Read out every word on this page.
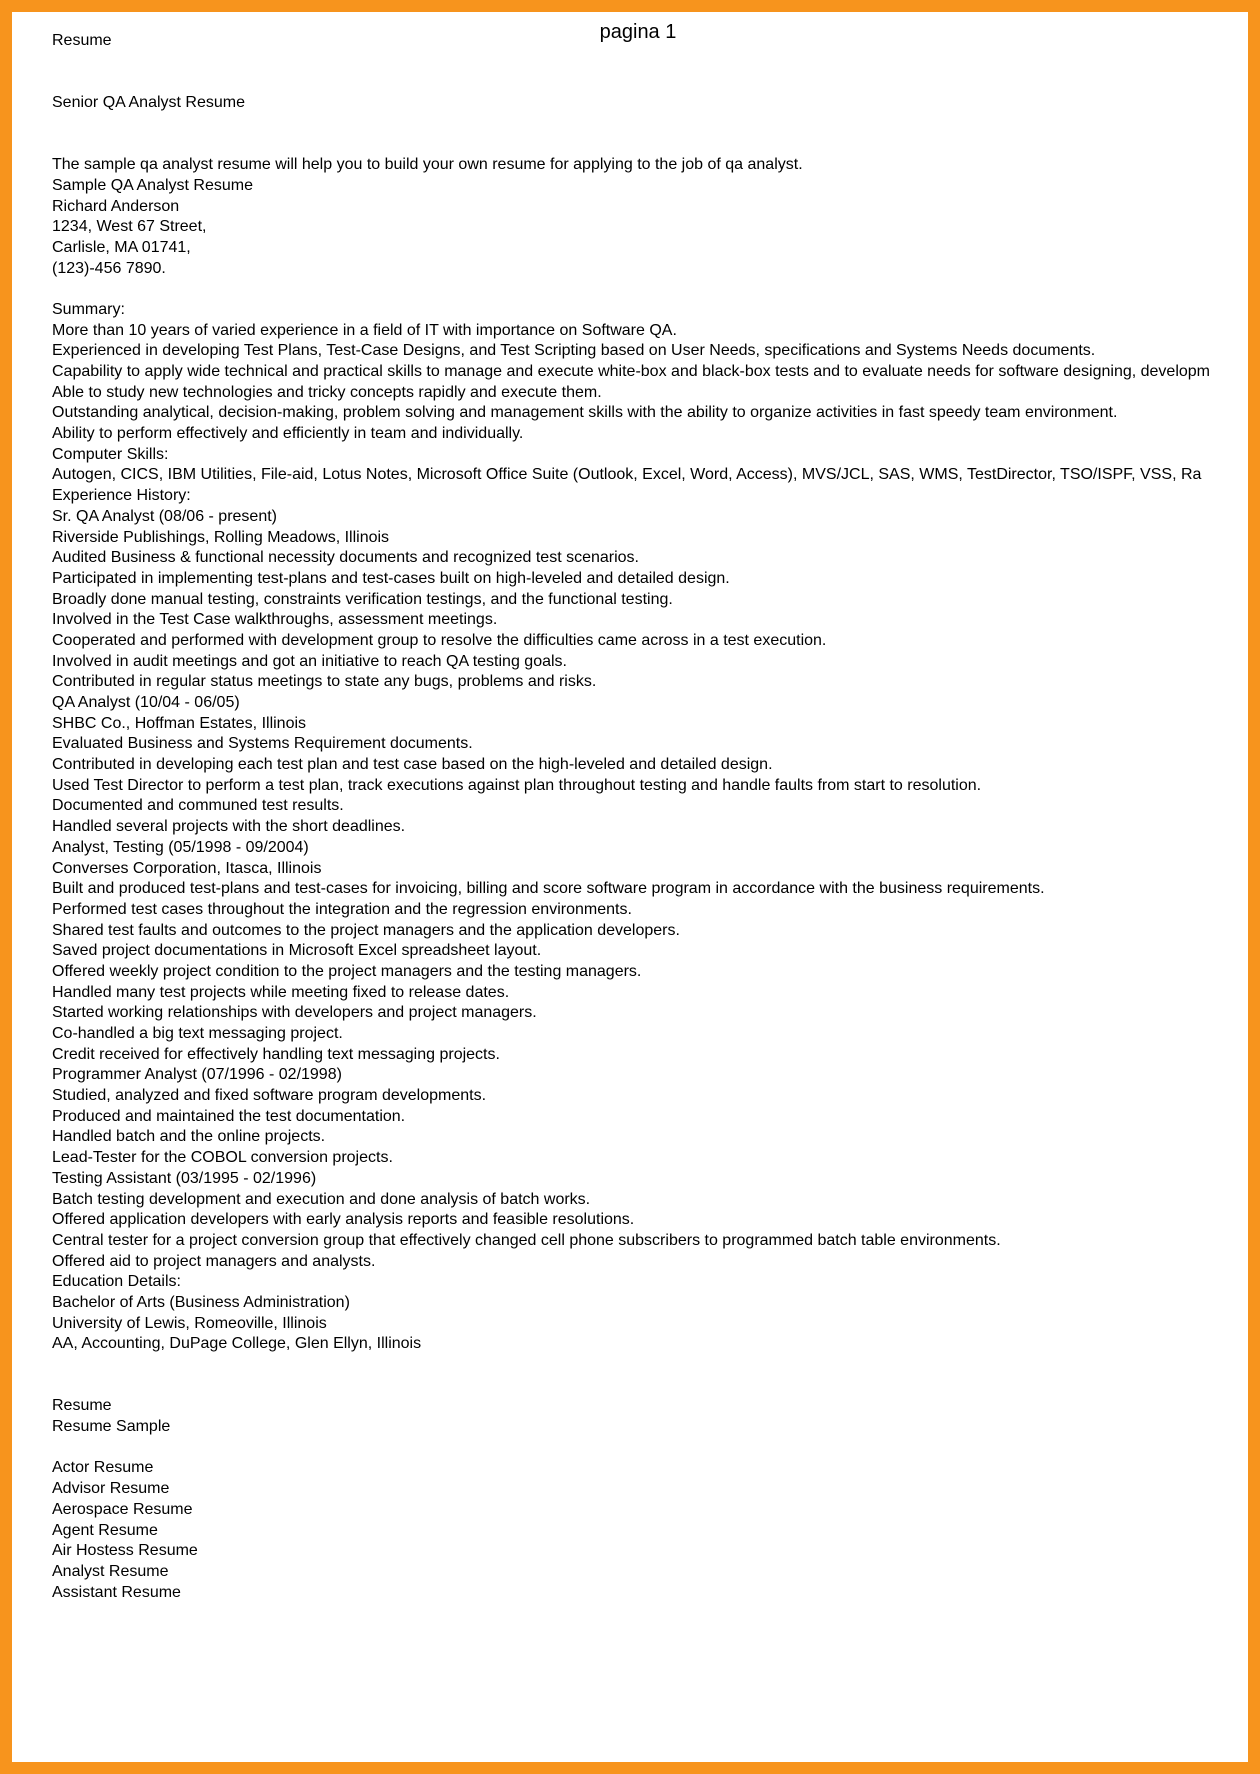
pagina 1
Resume
Senior QA Analyst Resume
The sample qa analyst resume will help you to build your own resume for applying to the job of qa analyst.
Sample QA Analyst Resume
Richard Anderson
1234, West 67 Street,
Carlisle, MA 01741,
(123)-456 7890.
Summary:
More than 10 years of varied experience in a field of IT with importance on Software QA.
Experienced in developing Test Plans, Test-Case Designs, and Test Scripting based on User Needs, specifications and Systems Needs documents.
Capability to apply wide technical and practical skills to manage and execute white-box and black-box tests and to evaluate needs for software designing, developm
Able to study new technologies and tricky concepts rapidly and execute them.
Outstanding analytical, decision-making, problem solving and management skills with the ability to organize activities in fast speedy team environment.
Ability to perform effectively and efficiently in team and individually.
Computer Skills:
Autogen, CICS, IBM Utilities, File-aid, Lotus Notes, Microsoft Office Suite (Outlook, Excel, Word, Access), MVS/JCL, SAS, WMS, TestDirector, TSO/ISPF, VSS, Ra
Experience History:
Sr. QA Analyst (08/06 - present)
Riverside Publishings, Rolling Meadows, Illinois
Audited Business & functional necessity documents and recognized test scenarios.
Participated in implementing test-plans and test-cases built on high-leveled and detailed design.
Broadly done manual testing, constraints verification testings, and the functional testing.
Involved in the Test Case walkthroughs, assessment meetings.
Cooperated and performed with development group to resolve the difficulties came across in a test execution.
Involved in audit meetings and got an initiative to reach QA testing goals.
Contributed in regular status meetings to state any bugs, problems and risks.
QA Analyst (10/04 - 06/05)
SHBC Co., Hoffman Estates, Illinois
Evaluated Business and Systems Requirement documents.
Contributed in developing each test plan and test case based on the high-leveled and detailed design.
Used Test Director to perform a test plan, track executions against plan throughout testing and handle faults from start to resolution.
Documented and communed test results.
Handled several projects with the short deadlines.
Analyst, Testing (05/1998 - 09/2004)
Converses Corporation, Itasca, Illinois
Built and produced test-plans and test-cases for invoicing, billing and score software program in accordance with the business requirements.
Performed test cases throughout the integration and the regression environments.
Shared test faults and outcomes to the project managers and the application developers.
Saved project documentations in Microsoft Excel spreadsheet layout.
Offered weekly project condition to the project managers and the testing managers.
Handled many test projects while meeting fixed to release dates.
Started working relationships with developers and project managers.
Co-handled a big text messaging project.
Credit received for effectively handling text messaging projects.
Programmer Analyst (07/1996 - 02/1998)
Studied, analyzed and fixed software program developments.
Produced and maintained the test documentation.
Handled batch and the online projects.
Lead-Tester for the COBOL conversion projects.
Testing Assistant (03/1995 - 02/1996)
Batch testing development and execution and done analysis of batch works.
Offered application developers with early analysis reports and feasible resolutions.
Central tester for a project conversion group that effectively changed cell phone subscribers to programmed batch table environments.
Offered aid to project managers and analysts.
Education Details:
Bachelor of Arts (Business Administration)
University of Lewis, Romeoville, Illinois
AA, Accounting, DuPage College, Glen Ellyn, Illinois
Resume
Resume Sample
Actor Resume
Advisor Resume
Aerospace Resume
Agent Resume
Air Hostess Resume
Analyst Resume
Assistant Resume
